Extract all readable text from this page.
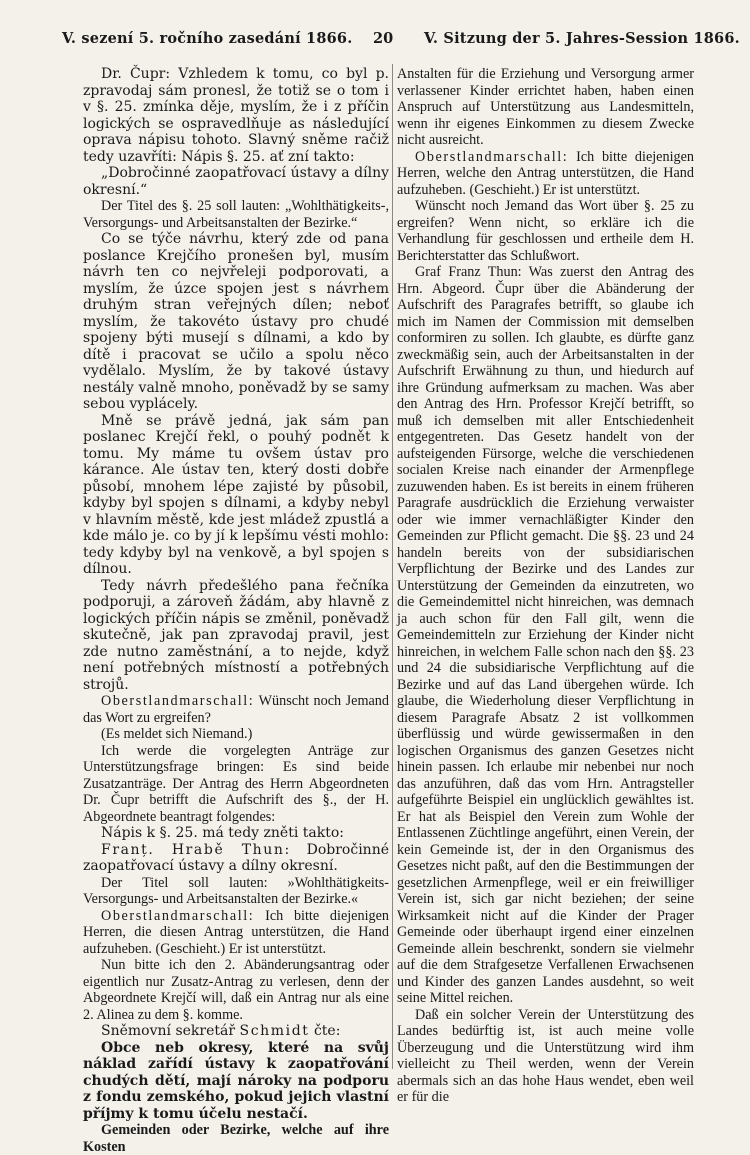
V. sezení 5. ročního zasedání 1866. 20 V. Sitzung der 5. Jahres-Session 1866.

Dr. Čupr: Vzhledem k tomu, co byl p. zpravodaj sám pronesl, že totiž se o tom i v §. 25. zmínka děje, myslím, že i z příčin logických se ospravedlňuje as následující oprava nápisu tohoto. Slavný sněme račiž tedy uzavříti: Nápis §. 25. ať zní takto:

„Dobročinné zaopatřovací ústavy a dílny okresní.“

Der Titel des §. 25 soll lauten: „Wohlthätigkeits-, Versorgungs- und Arbeitsanstalten der Bezirke.“

Co se týče návrhu, který zde od pana poslance Krejčího pronešen byl, musím návrh ten co nejvřeleji podporovati, a myslím, že úzce spojen jest s návrhem druhým stran veřejných dílen; neboť myslím, že takovéto ústavy pro chudé spojeny býti musejí s dílnami, a kdo by dítě i pracovat se učilo a spolu něco vydělalo. Myslím, že by takové ústavy nestály valně mnoho, poněvadž by se samy sebou vyplácely.

Mně se právě jedná, jak sám pan poslanec Krejčí řekl, o pouhý podnět k tomu. My máme tu ovšem ústav pro kárance. Ale ústav ten, který dosti dobře působí, mnohem lépe zajisté by působil, kdyby byl spojen s dílnami, a kdyby nebyl v hlavním městě, kde jest mládež zpustlá a kde málo je. co by jí k lepšímu vésti mohlo: tedy kdyby byl na venkově, a byl spojen s dílnou.

Tedy návrh předešlého pana řečníka podporuji, a zároveň žádám, aby hlavně z logických příčin nápis se změnil, poněvadž skutečně, jak pan zpravodaj pravil, jest zde nutno zaměstnání, a to nejde, když není potřebných místností a potřebných strojů.

Oberstlandmarschall: Wünscht noch Jemand das Wort zu ergreifen?

(Es meldet sich Niemand.)

Ich werde die vorgelegten Anträge zur Unterstützungsfrage bringen: Es sind beide Zusatzanträge. Der Antrag des Herrn Abgeordneten Dr. Čupr betrifft die Aufschrift des §., der H. Abgeordnete beantragt folgendes:

Nápis k §. 25. má tedy zněti takto:

Franț. Hrabě Thun: Dobročinné zaopatřovací ústavy a dílny okresní.

Der Titel soll lauten: »Wohlthätigkeits-Versorgungs- und Arbeitsanstalten der Bezirke.«

Oberstlandmarschall: Ich bitte diejenigen Herren, die diesen Antrag unterstützen, die Hand aufzuheben. (Geschieht.) Er ist unterstützt.

Nun bitte ich den 2. Abänderungsantrag oder eigentlich nur Zusatz-Antrag zu verlesen, denn der Abgeordnete Krejčí will, daß ein Antrag nur als eine 2. Alinea zu dem §. komme.

Sněmovní sekretář Schmidt čte:

Obce neb okresy, které na svůj náklad zařídí ústavy k zaopatřování chudých dětí, mají nároky na podporu z fondu zemského, pokud jejich vlastní příjmy k tomu účelu nestačí.

Gemeinden oder Bezirke, welche auf ihre Kosten

Anstalten für die Erziehung und Versorgung armer verlassener Kinder errichtet haben, haben einen Anspruch auf Unterstützung aus Landesmitteln, wenn ihr eigenes Einkommen zu diesem Zwecke nicht ausreicht.

Oberstlandmarschall: Ich bitte diejenigen Herren, welche den Antrag unterstützen, die Hand aufzuheben. (Geschieht.) Er ist unterstützt.

Wünscht noch Jemand das Wort über §. 25 zu ergreifen? Wenn nicht, so erkläre ich die Verhandlung für geschlossen und ertheile dem H. Berichterstatter das Schlußwort.

Graf Franz Thun: Was zuerst den Antrag des Hrn. Abgeord. Čupr über die Abänderung der Aufschrift des Paragrafes betrifft, so glaube ich mich im Namen der Commission mit demselben conformiren zu sollen. Ich glaubte, es dürfte ganz zweckmäßig sein, auch der Arbeitsanstalten in der Aufschrift Erwähnung zu thun, und hiedurch auf ihre Gründung aufmerksam zu machen. Was aber den Antrag des Hrn. Professor Krejčí betrifft, so muß ich demselben mit aller Entschiedenheit entgegentreten. Das Gesetz handelt von der aufsteigenden Fürsorge, welche die verschiedenen socialen Kreise nach einander der Armenpflege zuzuwenden haben. Es ist bereits in einem früheren Paragrafe ausdrücklich die Erziehung verwaister oder wie immer vernachläßigter Kinder den Gemeinden zur Pflicht gemacht. Die §§. 23 und 24 handeln bereits von der subsidiarischen Verpflichtung der Bezirke und des Landes zur Unterstützung der Gemeinden da einzutreten, wo die Gemeindemittel nicht hinreichen, was demnach ja auch schon für den Fall gilt, wenn die Gemeindemitteln zur Erziehung der Kinder nicht hinreichen, in welchem Falle schon nach den §§. 23 und 24 die subsidiarische Verpflichtung auf die Bezirke und auf das Land übergehen würde. Ich glaube, die Wiederholung dieser Verpflichtung in diesem Paragrafe Absatz 2 ist vollkommen überflüssig und würde gewissermaßen in den logischen Organismus des ganzen Gesetzes nicht hinein passen. Ich erlaube mir nebenbei nur noch das anzuführen, daß das vom Hrn. Antragsteller aufgeführte Beispiel ein unglücklich gewähltes ist. Er hat als Beispiel den Verein zum Wohle der Entlassenen Züchtlinge angeführt, einen Verein, der kein Gemeinde ist, der in den Organismus des Gesetzes nicht paßt, auf den die Bestimmungen der gesetzlichen Armenpflege, weil er ein freiwilliger Verein ist, sich gar nicht beziehen; der seine Wirksamkeit nicht auf die Kinder der Prager Gemeinde oder überhaupt irgend einer einzelnen Gemeinde allein beschrenkt, sondern sie vielmehr auf die dem Strafgesetze Verfallenen Erwachsenen und Kinder des ganzen Landes ausdehnt, so weit seine Mittel reichen.

Daß ein solcher Verein der Unterstützung des Landes bedürftig ist, ist auch meine volle Überzeugung und die Unterstützung wird ihm vielleicht zu Theil werden, wenn der Verein abermals sich an das hohe Haus wendet, eben weil er für die
